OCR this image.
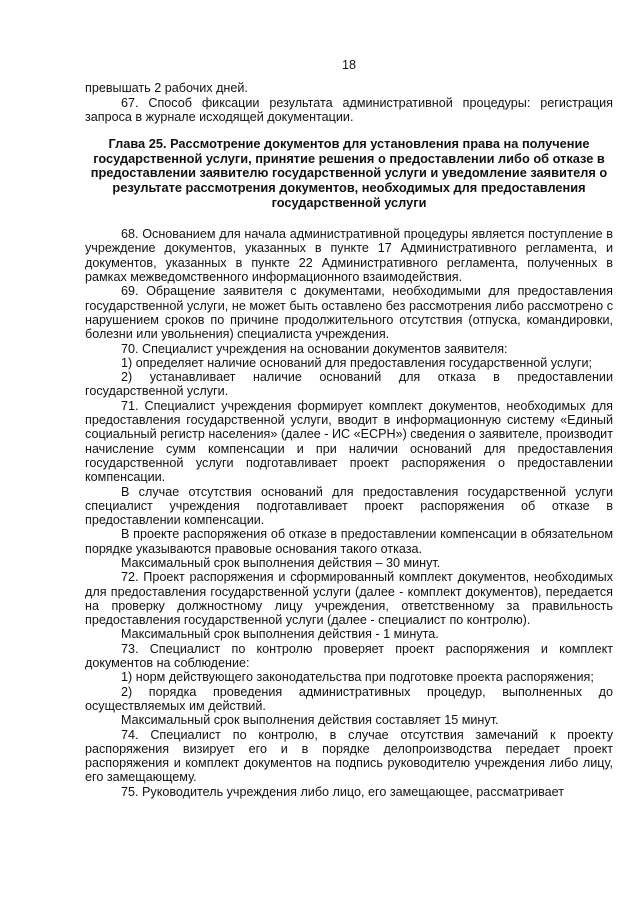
18

превышать 2 рабочих дней.

67. Способ фиксации результата административной процедуры: регистрация запроса в журнале исходящей документации.

Глава 25. Рассмотрение документов для установления права на получение государственной услуги, принятие решения о предоставлении либо об отказе в предоставлении заявителю государственной услуги и уведомление заявителя о результате рассмотрения документов, необходимых для предоставления государственной услуги

68. Основанием для начала административной процедуры является поступление в учреждение документов, указанных в пункте 17 Административного регламента, и документов, указанных в пункте 22 Административного регламента, полученных в рамках межведомственного информационного взаимодействия.

69. Обращение заявителя с документами, необходимыми для предоставления государственной услуги, не может быть оставлено без рассмотрения либо рассмотрено с нарушением сроков по причине продолжительного отсутствия (отпуска, командировки, болезни или увольнения) специалиста учреждения.

70. Специалист учреждения на основании документов заявителя:

1) определяет наличие оснований для предоставления государственной услуги;

2) устанавливает наличие оснований для отказа в предоставлении государственной услуги.

71. Специалист учреждения формирует комплект документов, необходимых для предоставления государственной услуги, вводит в информационную систему «Единый социальный регистр населения» (далее - ИС «ЕСРН») сведения о заявителе, производит начисление сумм компенсации и при наличии оснований для предоставления государственной услуги подготавливает проект распоряжения о предоставлении компенсации.

В случае отсутствия оснований для предоставления государственной услуги специалист учреждения подготавливает проект распоряжения об отказе в предоставлении компенсации.

В проекте распоряжения об отказе в предоставлении компенсации в обязательном порядке указываются правовые основания такого отказа.

Максимальный срок выполнения действия – 30 минут.

72. Проект распоряжения и сформированный комплект документов, необходимых для предоставления государственной услуги (далее - комплект документов), передается на проверку должностному лицу учреждения, ответственному за правильность предоставления государственной услуги (далее - специалист по контролю).

Максимальный срок выполнения действия - 1 минута.

73. Специалист по контролю проверяет проект распоряжения и комплект документов на соблюдение:

1) норм действующего законодательства при подготовке проекта распоряжения;

2) порядка проведения административных процедур, выполненных до осуществляемых им действий.

Максимальный срок выполнения действия составляет 15 минут.

74. Специалист по контролю, в случае отсутствия замечаний к проекту распоряжения визирует его и в порядке делопроизводства передает проект распоряжения и комплект документов на подпись руководителю учреждения либо лицу, его замещающему.

75. Руководитель учреждения либо лицо, его замещающее, рассматривает
